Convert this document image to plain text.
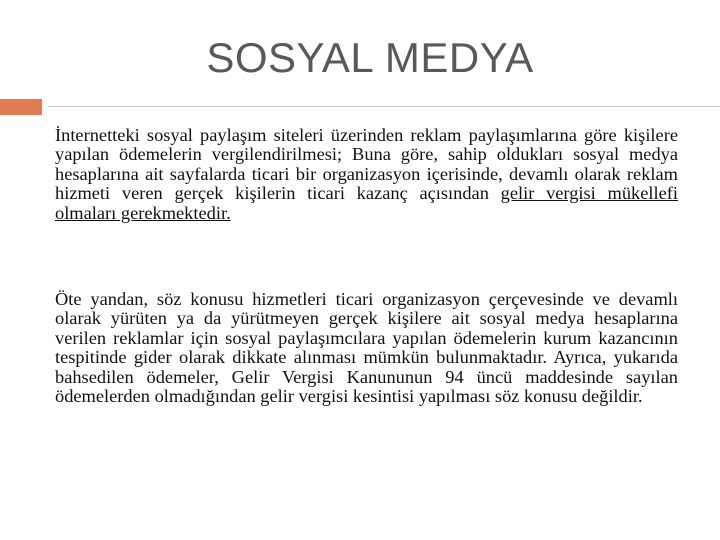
SOSYAL MEDYA

İnternetteki sosyal paylaşım siteleri üzerinden reklam paylaşımlarına göre kişilere yapılan ödemelerin vergilendirilmesi; Buna göre, sahip oldukları sosyal medya hesaplarına ait sayfalarda ticari bir organizasyon içerisinde, devamlı olarak reklam hizmeti veren gerçek kişilerin ticari kazanç açısından gelir vergisi mükellefi olmaları gerekmektedir.

Öte yandan, söz konusu hizmetleri ticari organizasyon çerçevesinde ve devamlı olarak yürüten ya da yürütmeyen gerçek kişilere ait sosyal medya hesaplarına verilen reklamlar için sosyal paylaşımcılara yapılan ödemelerin kurum kazancının tespitinde gider olarak dikkate alınması mümkün bulunmaktadır. Ayrıca, yukarıda bahsedilen ödemeler, Gelir Vergisi Kanununun 94 üncü maddesinde sayılan ödemelerden olmadığından gelir vergisi kesintisi yapılması söz konusu değildir.
